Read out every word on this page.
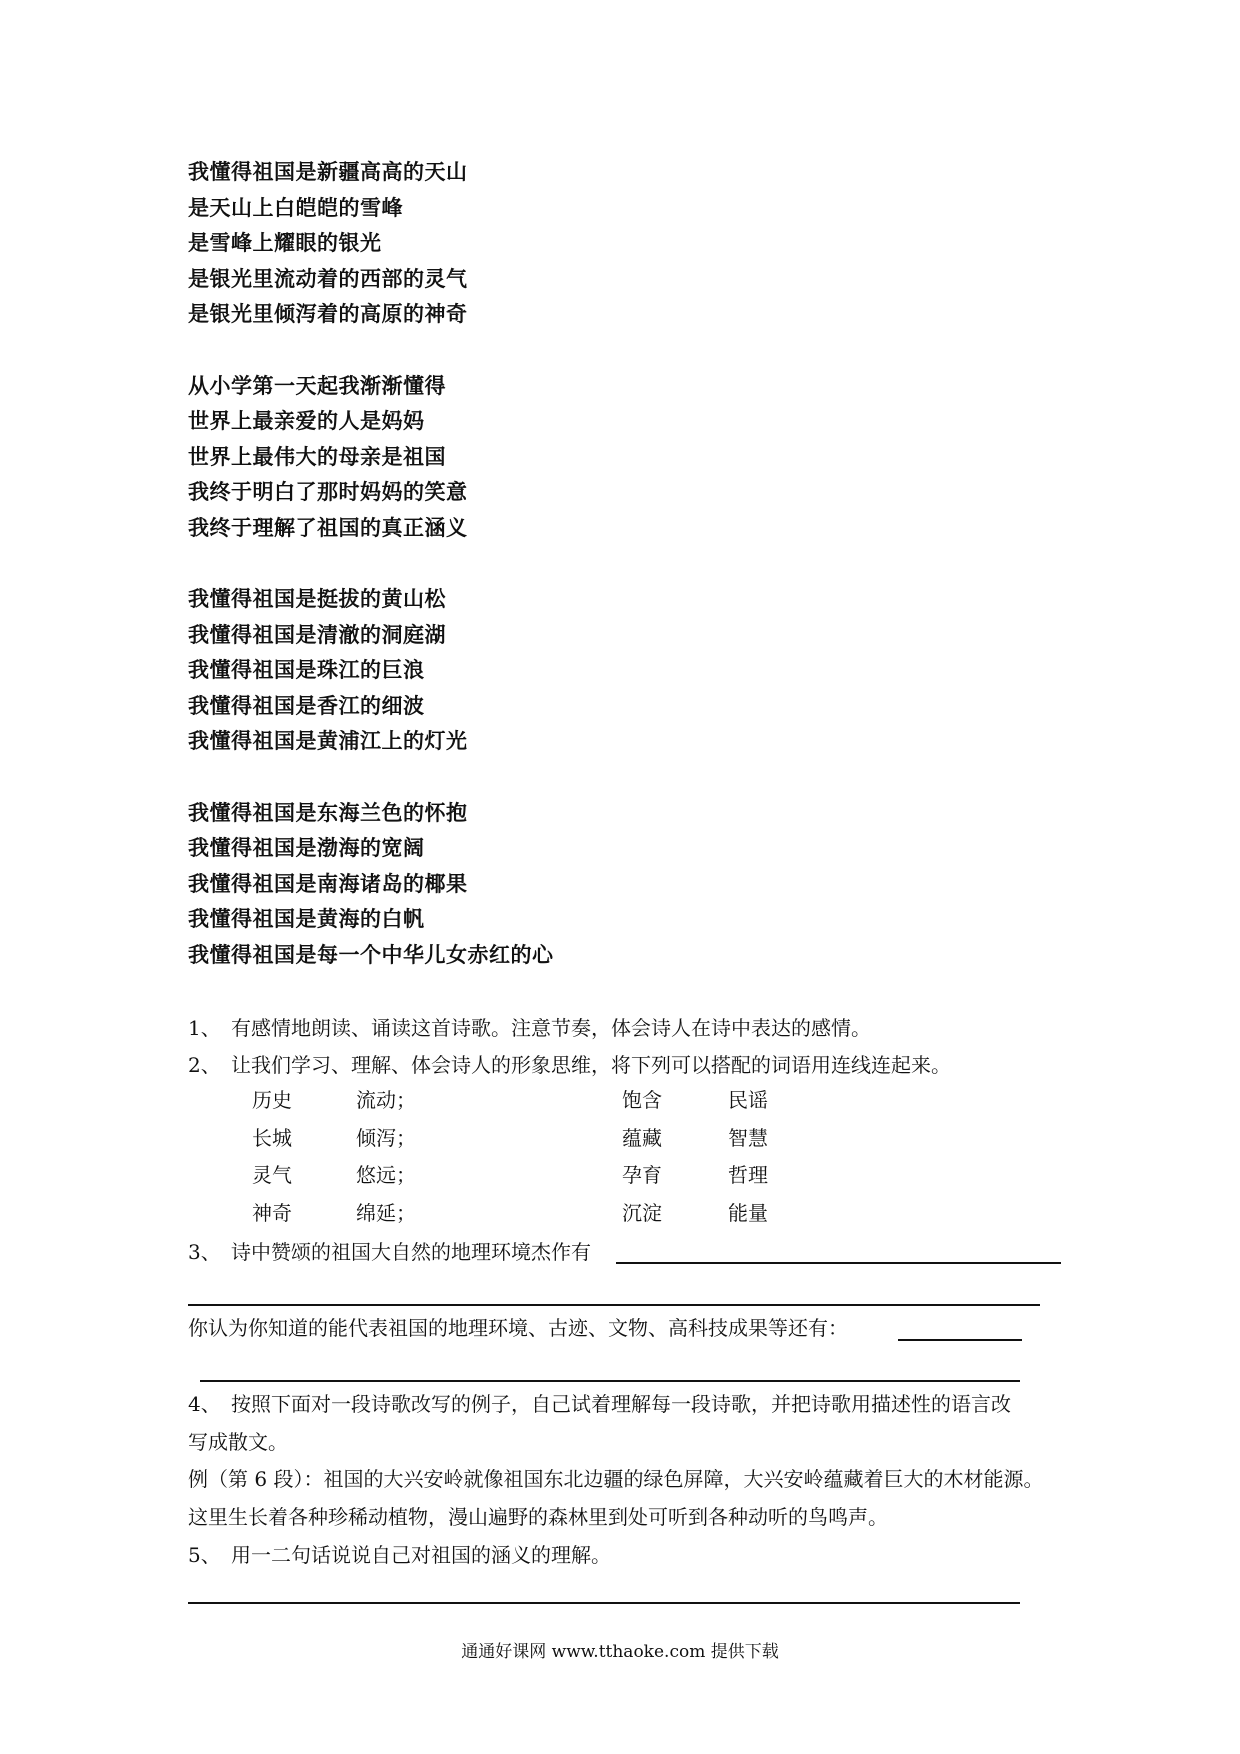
我懂得祖国是新疆高高的天山
是天山上白皑皑的雪峰
是雪峰上耀眼的银光
是银光里流动着的西部的灵气
是银光里倾泻着的高原的神奇
从小学第一天起我渐渐懂得
世界上最亲爱的人是妈妈
世界上最伟大的母亲是祖国
我终于明白了那时妈妈的笑意
我终于理解了祖国的真正涵义
我懂得祖国是挺拔的黄山松
我懂得祖国是清澈的洞庭湖
我懂得祖国是珠江的巨浪
我懂得祖国是香江的细波
我懂得祖国是黄浦江上的灯光
我懂得祖国是东海兰色的怀抱
我懂得祖国是渤海的宽阔
我懂得祖国是南海诸岛的椰果
我懂得祖国是黄海的白帆
我懂得祖国是每一个中华儿女赤红的心
1、 有感情地朗读、诵读这首诗歌。注意节奏，体会诗人在诗中表达的感情。
2、 让我们学习、理解、体会诗人的形象思维，将下列可以搭配的词语用连线连起来。
历史	流动；	饱含	民谣
长城	倾泻；	蕴藏	智慧
灵气	悠远；	孕育	哲理
神奇	绵延；	沉淀	能量
3、 诗中赞颂的祖国大自然的地理环境杰作有
你认为你知道的能代表祖国的地理环境、古迹、文物、高科技成果等还有：
4、 按照下面对一段诗歌改写的例子，自己试着理解每一段诗歌，并把诗歌用描述性的语言改
写成散文。
例（第 6 段）：祖国的大兴安岭就像祖国东北边疆的绿色屏障，大兴安岭蕴藏着巨大的木材能源。
这里生长着各种珍稀动植物，漫山遍野的森林里到处可听到各种动听的鸟鸣声。
5、 用一二句话说说自己对祖国的涵义的理解。
通通好课网 www.tthaoke.com 提供下载
